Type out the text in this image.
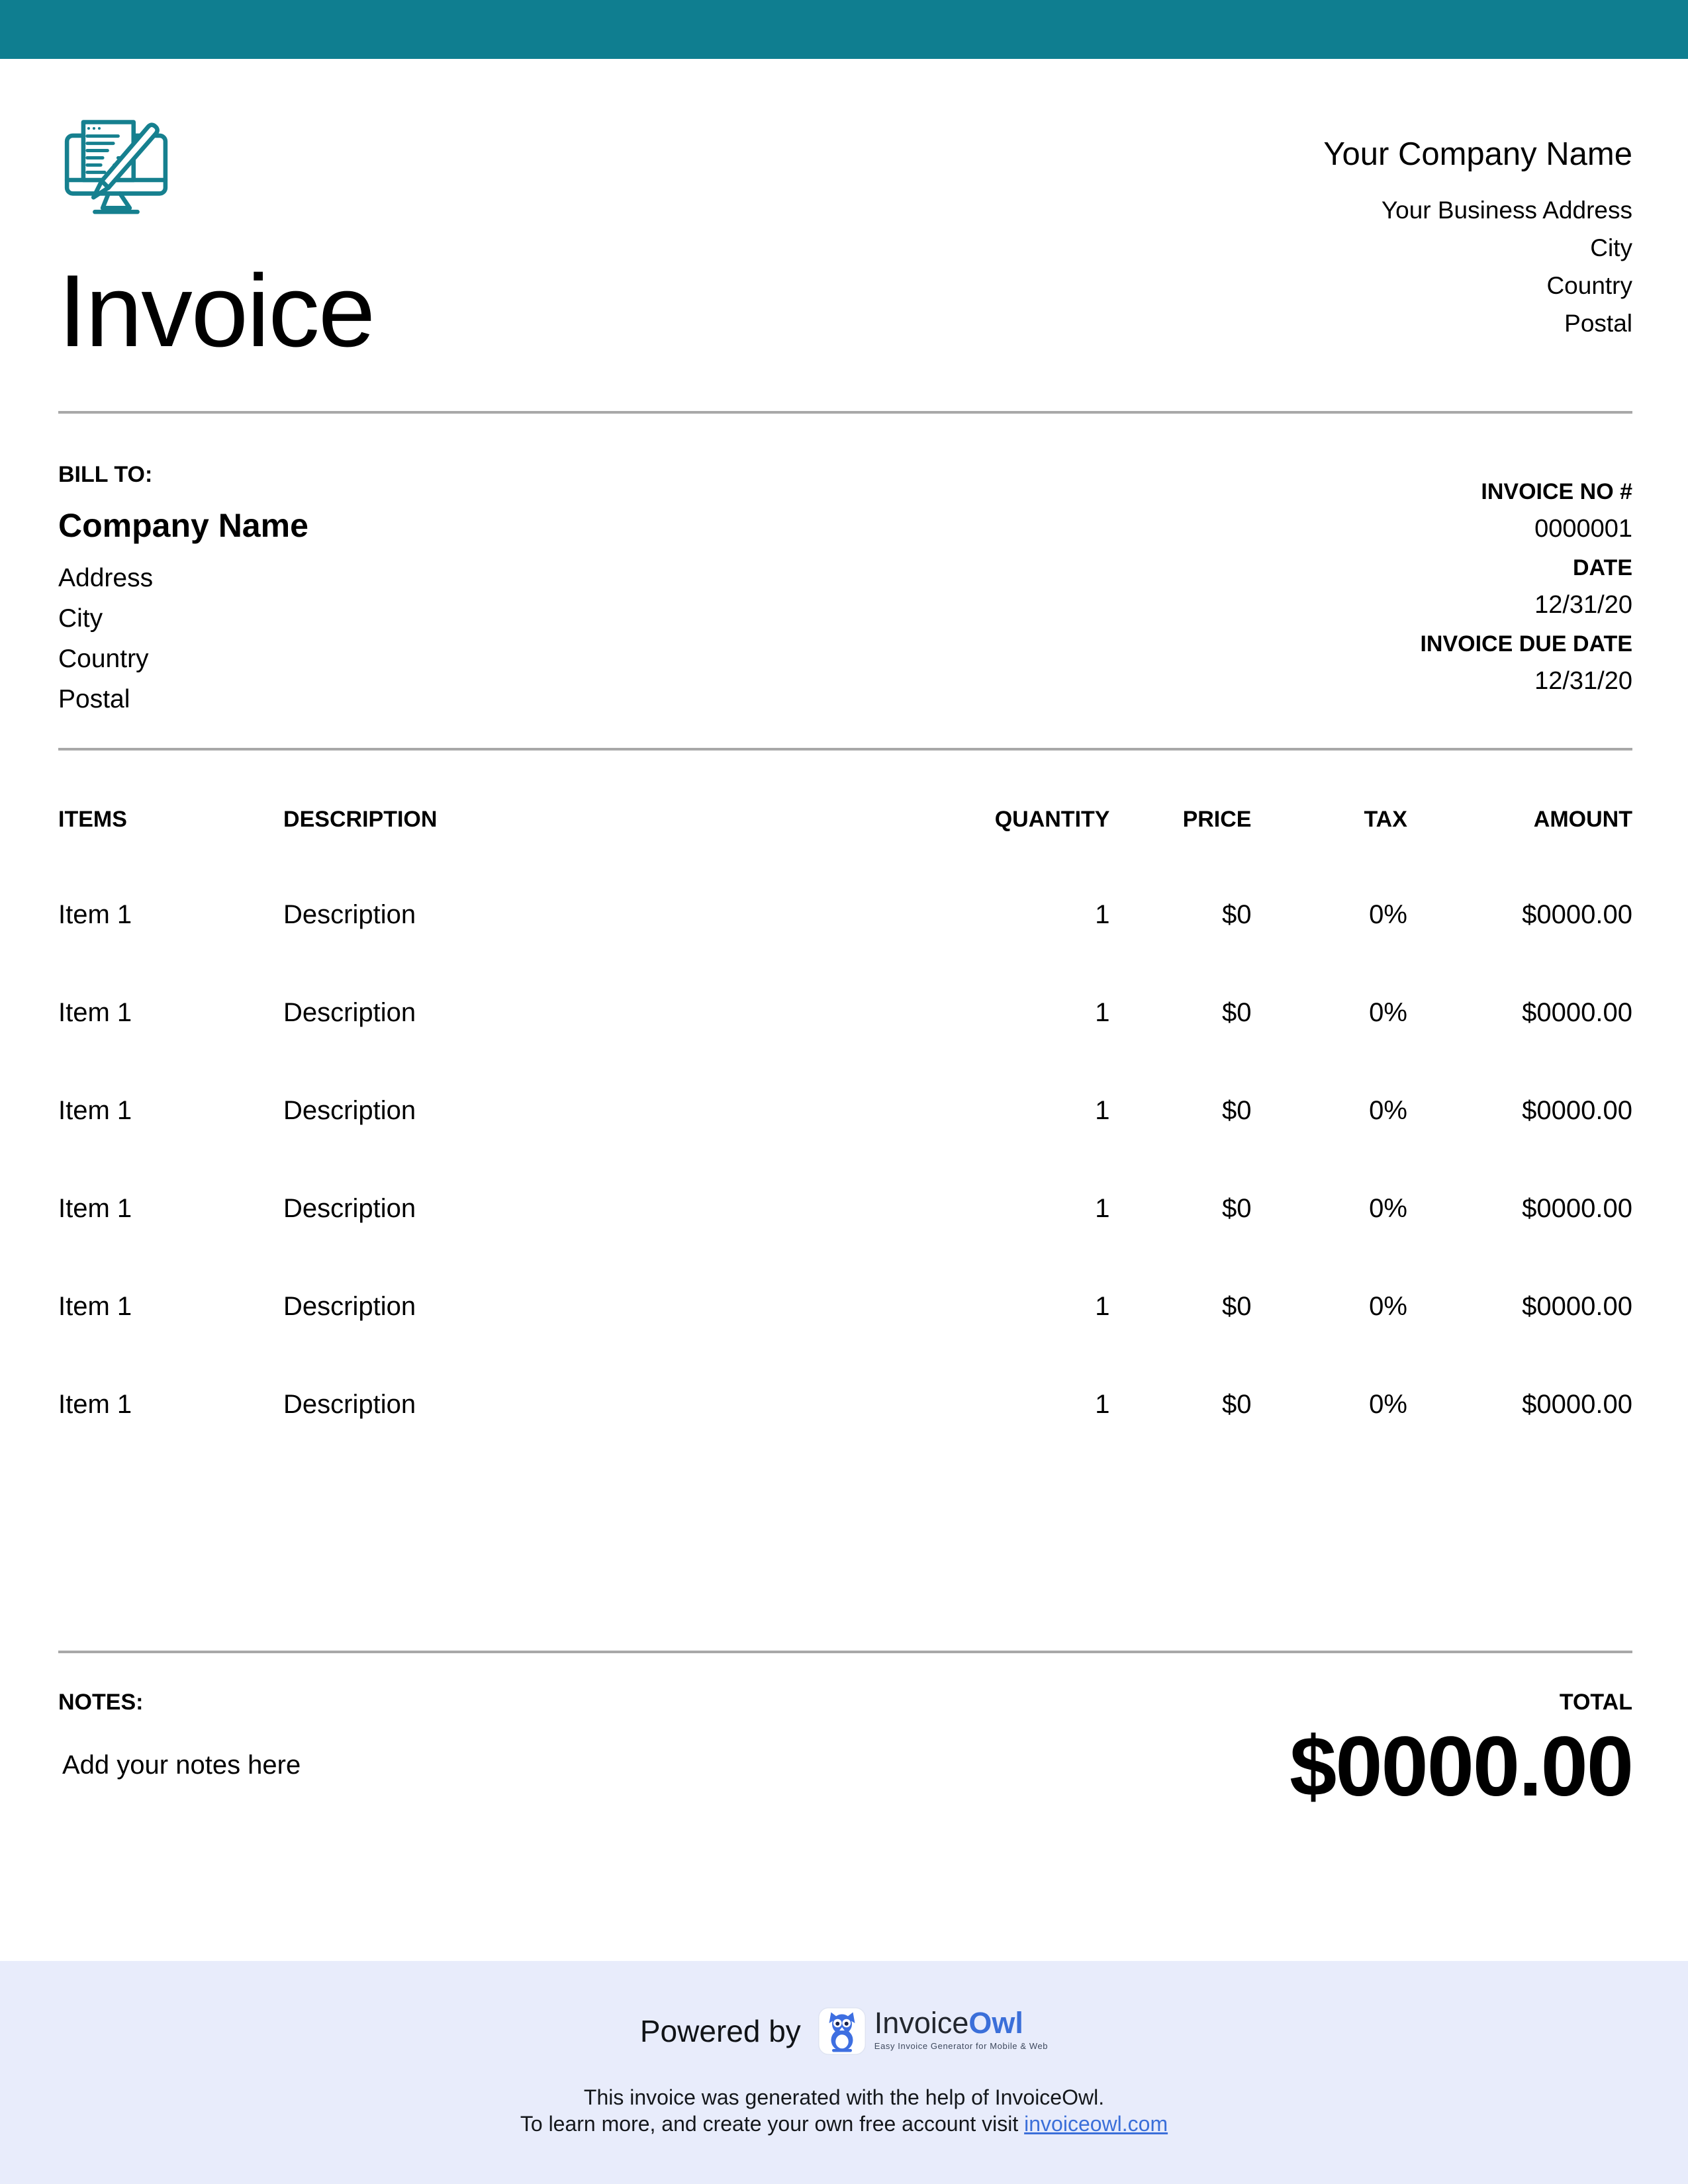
Invoice
Your Company Name
Your Business Address
City
Country
Postal
BILL TO:
Company Name
Address
City
Country
Postal
INVOICE NO #
0000001
DATE
12/31/20
INVOICE DUE DATE
12/31/20
ITEMS	DESCRIPTION	QUANTITY	PRICE	TAX	AMOUNT

Item 1	Description	1	$0	0%	$0000.00
Item 1	Description	1	$0	0%	$0000.00
Item 1	Description	1	$0	0%	$0000.00
Item 1	Description	1	$0	0%	$0000.00
Item 1	Description	1	$0	0%	$0000.00
Item 1	Description	1	$0	0%	$0000.00
NOTES:
Add your notes here
TOTAL
$0000.00
Powered by InvoiceOwl
Easy Invoice Generator for Mobile & Web
This invoice was generated with the help of InvoiceOwl.
To learn more, and create your own free account visit invoiceowl.com
